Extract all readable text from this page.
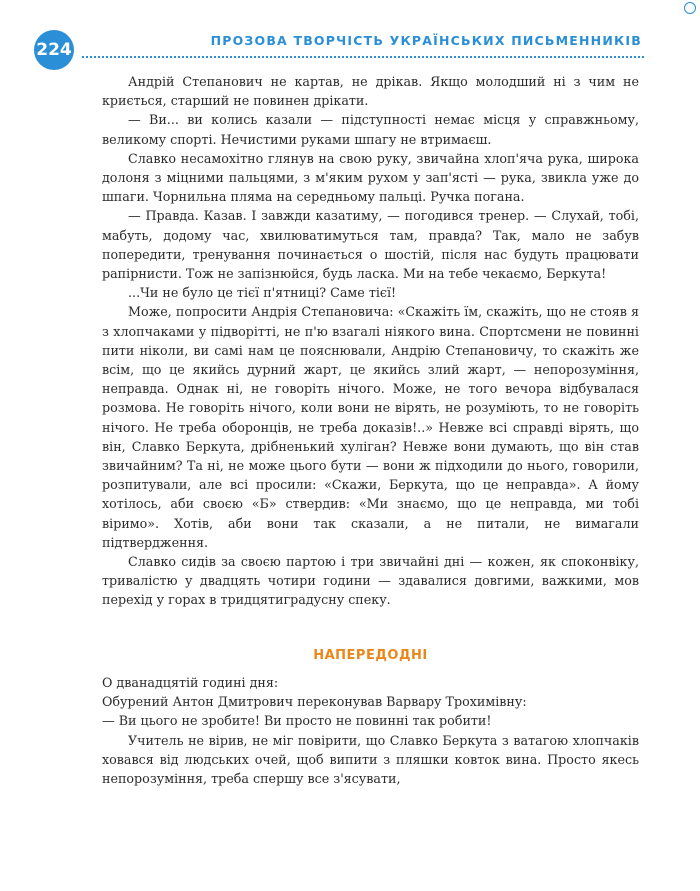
224	ПРОЗОВА ТВОРЧІСТЬ УКРАЇНСЬКИХ ПИСЬМЕННИКІВ

Андрій Степанович не картав, не дрікав. Якщо молодший ні з чим не криється, старший не повинен дрікати.

— Ви... ви колись казали — підступності немає місця у справжньому, великому спорті. Нечистими руками шпагу не втримаєш.

Славко несамохітно глянув на свою руку, звичайна хлоп'яча рука, широка долоня з міцними пальцями, з м'яким рухом у зап'ясті — рука, звикла уже до шпаги. Чорнильна пляма на середньому пальці. Ручка погана.

— Правда. Казав. І завжди казатиму, — погодився тренер. — Слухай, тобі, мабуть, додому час, хвилюватимуться там, правда? Так, мало не забув попередити, тренування починається о шостій, після нас будуть працювати рапірнисти. Тож не запізнюйся, будь ласка. Ми на тебе чекаємо, Беркута!

...Чи не було це тієї п'ятниці? Саме тієї!

Може, попросити Андрія Степановича: «Скажіть їм, скажіть, що не стояв я з хлопчаками у підворітті, не п'ю взагалі ніякого вина. Спортсмени не повинні пити ніколи, ви самі нам це пояснювали, Андрію Степановичу, то скажіть же всім, що це якийсь дурний жарт, це якийсь злий жарт, — непорозуміння, неправда. Однак ні, не говоріть нічого. Може, не того вечора відбувалася розмова. Не говоріть нічого, коли вони не вірять, не розуміють, то не говоріть нічого. Не треба оборонців, не треба доказів!..» Невже всі справді вірять, що він, Славко Беркута, дрібненький хуліган? Невже вони думають, що він став звичайним? Та ні, не може цього бути — вони ж підходили до нього, говорили, розпитували, але всі просили: «Скажи, Беркута, що це неправда». А йому хотілось, аби своєю «Б» ствердив: «Ми знаємо, що це неправда, ми тобі віримо». Хотів, аби вони так сказали, а не питали, не вимагали підтвердження.

Славко сидів за своєю партою і три звичайні дні — кожен, як споконвіку, тривалістю у двадцять чотири години — здавалися довгими, важкими, мов перехід у горах в тридцятиградусну спеку.

НАПЕРЕДОДНІ

О дванадцятій годині дня:

Обурений Антон Дмитрович переконував Варвару Трохимівну:

— Ви цього не зробите! Ви просто не повинні так робити!

Учитель не вірив, не міг повірити, що Славко Беркута з ватагою хлопчаків ховався від людських очей, щоб випити з пляшки ковток вина. Просто якесь непорозуміння, треба спершу все з'ясувати,
